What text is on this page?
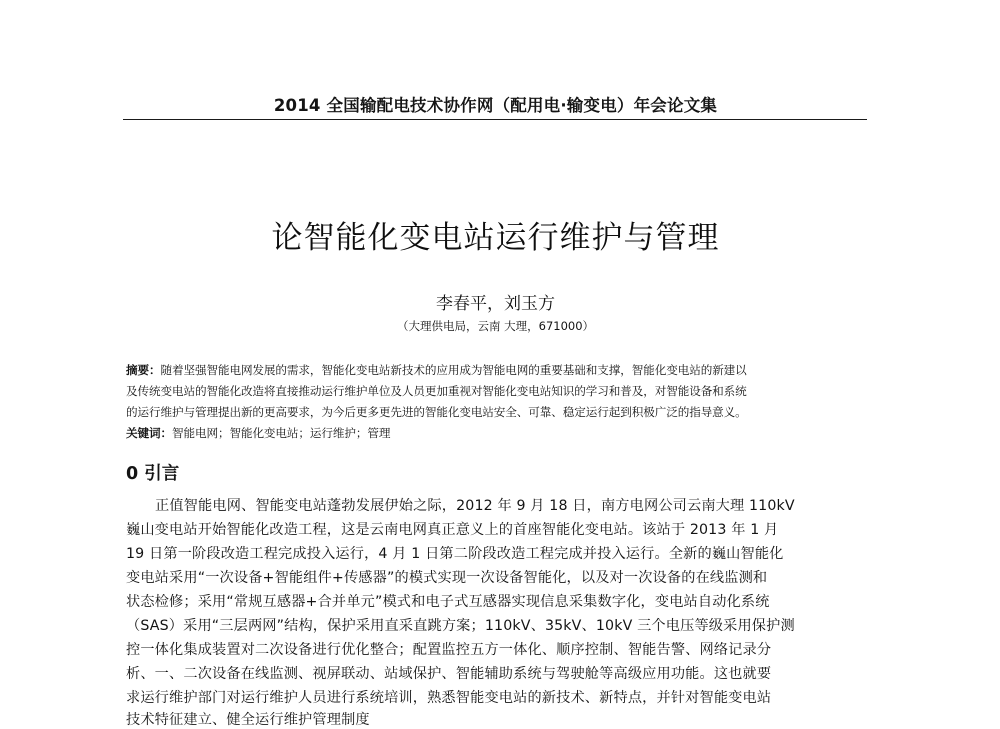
2014 全国输配电技术协作网（配用电·输变电）年会论文集
论智能化变电站运行维护与管理
李春平，刘玉方
（大理供电局，云南 大理，671000）
摘要：随着坚强智能电网发展的需求，智能化变电站新技术的应用成为智能电网的重要基础和支撑，智能化变电站的新建以
及传统变电站的智能化改造将直接推动运行维护单位及人员更加重视对智能化变电站知识的学习和普及，对智能设备和系统
的运行维护与管理提出新的更高要求，为今后更多更先进的智能化变电站安全、可靠、稳定运行起到积极广泛的指导意义。
关键词：智能电网；智能化变电站；运行维护；管理
0 引言
正值智能电网、智能变电站蓬勃发展伊始之际，2012 年 9 月 18 日，南方电网公司云南大理 110kV
巍山变电站开始智能化改造工程，这是云南电网真正意义上的首座智能化变电站。该站于 2013 年 1 月
19 日第一阶段改造工程完成投入运行，4 月 1 日第二阶段改造工程完成并投入运行。全新的巍山智能化
变电站采用“一次设备+智能组件+传感器”的模式实现一次设备智能化，以及对一次设备的在线监测和
状态检修；采用“常规互感器+合并单元”模式和电子式互感器实现信息采集数字化，变电站自动化系统
（SAS）采用“三层两网”结构，保护采用直采直跳方案；110kV、35kV、10kV 三个电压等级采用保护测
控一体化集成装置对二次设备进行优化整合；配置监控五方一体化、顺序控制、智能告警、网络记录分
析、一、二次设备在线监测、视屏联动、站域保护、智能辅助系统与驾驶舱等高级应用功能。这也就要
求运行维护部门对运行维护人员进行系统培训，熟悉智能变电站的新技术、新特点，并针对智能变电站
技术特征建立、健全运行维护管理制度
